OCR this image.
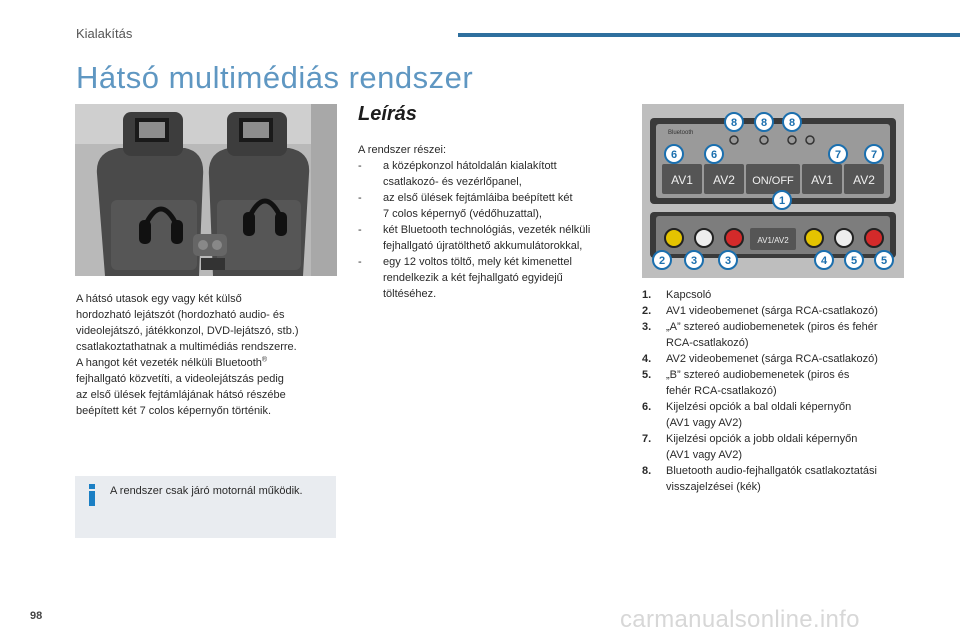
Kialakítás
Hátsó multimédiás rendszer
Leírás

A hátsó utasok egy vagy két külső

hordozható lejátszót (hordozható audio- és

videolejátszó, játékkonzol, DVD-lejátszó, stb.)

csatlakoztathatnak a multimédiás rendszerre.

A hangot két vezeték nélküli Bluetooth®

fejhallgató közvetíti, a videolejátszás pedig

az első ülések fejtámlájának hátsó részébe

beépített két 7 colos képernyőn történik.

A rendszer csak járó motornál működik.
A rendszer részei:
- a középkonzol hátoldalán kialakított
csatlakozó- és vezérlőpanel,
- az első ülések fejtámláiba beépített két
7 colos képernyő (védőhuzattal),
- két Bluetooth technológiás, vezeték nélküli
fejhallgató újratölthető akkumulátorokkal,
- egy 12 voltos töltő, mely két kimenettel
rendelkezik a két fejhallgató egyidejű
töltéséhez.
Bluetooth
AV1 AV2 ON/OFF AV1 AV2
AV1/AV2
1
2 3	3	4 5 5
6	6	7	7
8 8 8
1. Kapcsoló
2. AV1 videobemenet (sárga RCA-csatlakozó)
3. „A” sztereó audiobemenetek (piros és fehér
RCA-csatlakozó)
4. AV2 videobemenet (sárga RCA-csatlakozó)
5. „B” sztereó audiobemenetek (piros és
fehér RCA-csatlakozó)
6. Kijelzési opciók a bal oldali képernyőn
(AV1 vagy AV2)
7. Kijelzési opciók a jobb oldali képernyőn
(AV1 vagy AV2)
8. Bluetooth audio-fejhallgatók csatlakoztatási
visszajelzései (kék)
98	carmanualsonline.info
